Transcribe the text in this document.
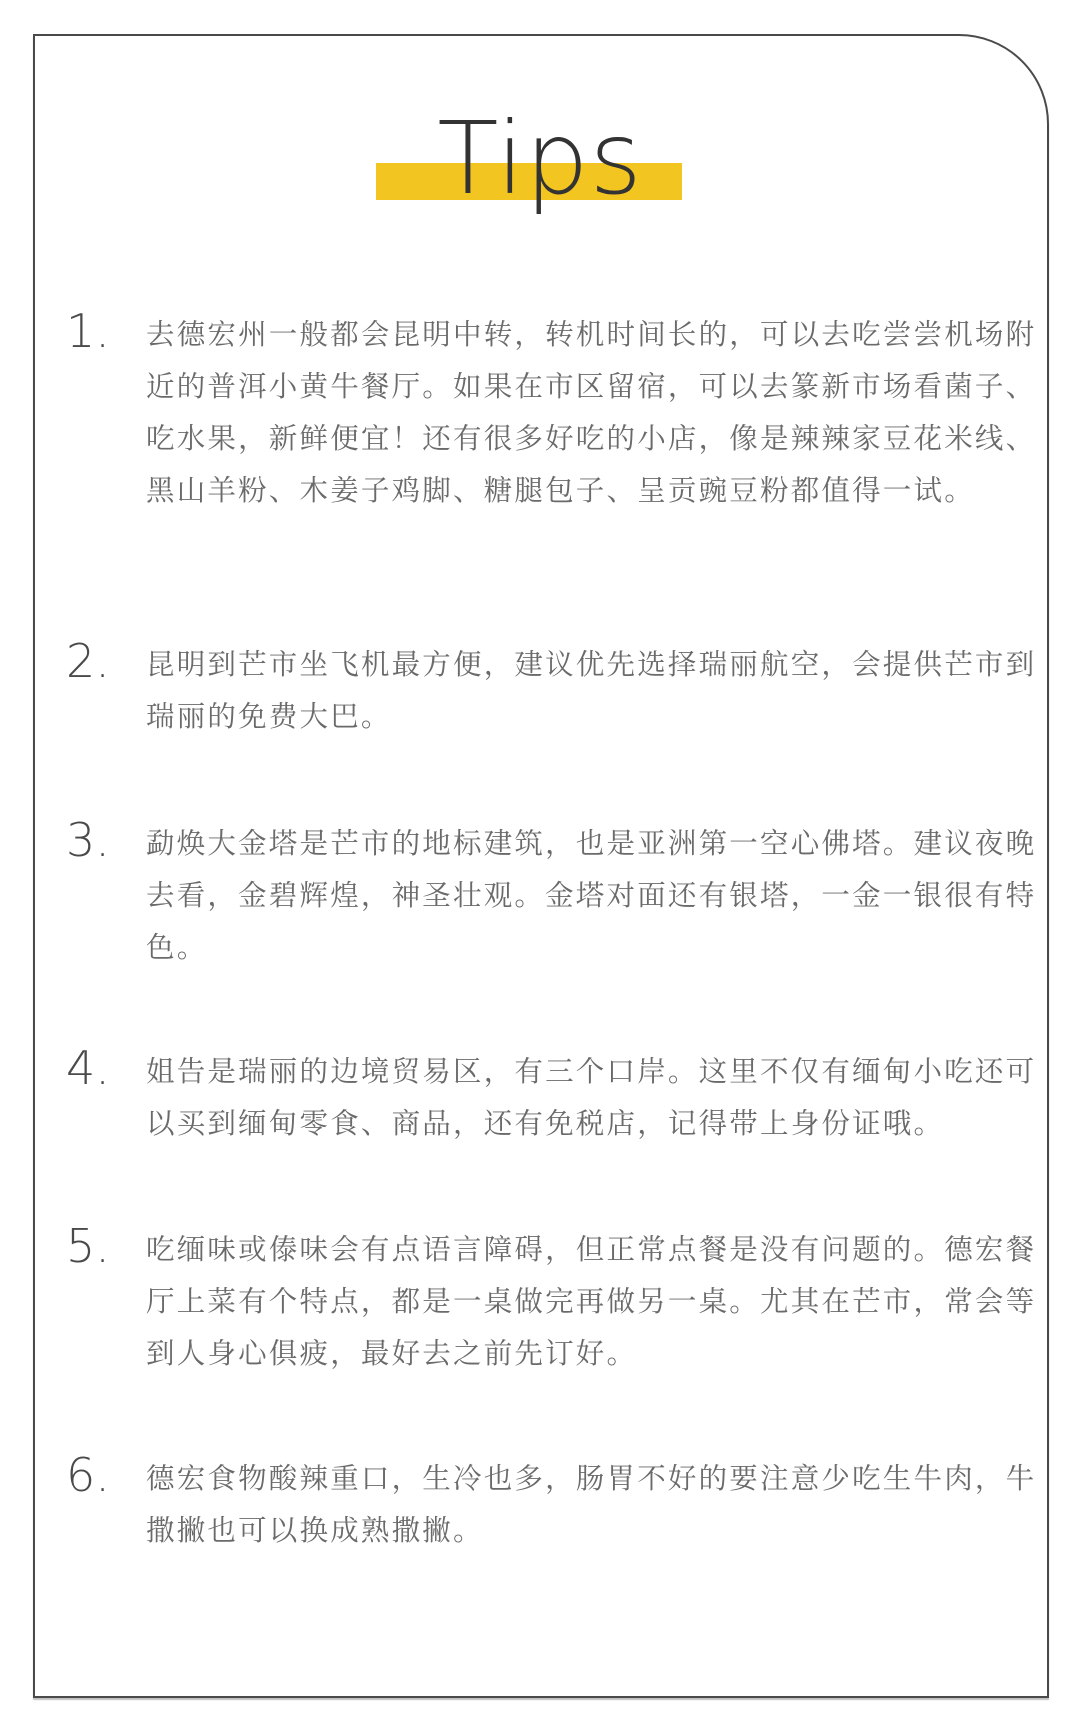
Tips
1. 去德宏州一般都会昆明中转，转机时间长的，可以去吃尝尝机场附近的普洱小黄牛餐厅。如果在市区留宿，可以去篆新市场看菌子、吃水果，新鲜便宜！还有很多好吃的小店，像是辣辣家豆花米线、黑山羊粉、木姜子鸡脚、糖腿包子、呈贡豌豆粉都值得一试。

2. 昆明到芒市坐飞机最方便，建议优先选择瑞丽航空，会提供芒市到瑞丽的免费大巴。

3. 勐焕大金塔是芒市的地标建筑，也是亚洲第一空心佛塔。建议夜晚去看，金碧辉煌，神圣壮观。金塔对面还有银塔，一金一银很有特色。

4. 姐告是瑞丽的边境贸易区，有三个口岸。这里不仅有缅甸小吃还可以买到缅甸零食、商品，还有免税店，记得带上身份证哦。

5. 吃缅味或傣味会有点语言障碍，但正常点餐是没有问题的。德宏餐厅上菜有个特点，都是一桌做完再做另一桌。尤其在芒市，常会等到人身心俱疲，最好去之前先订好。

6. 德宏食物酸辣重口，生冷也多，肠胃不好的要注意少吃生牛肉，牛撒撇也可以换成熟撒撇。
